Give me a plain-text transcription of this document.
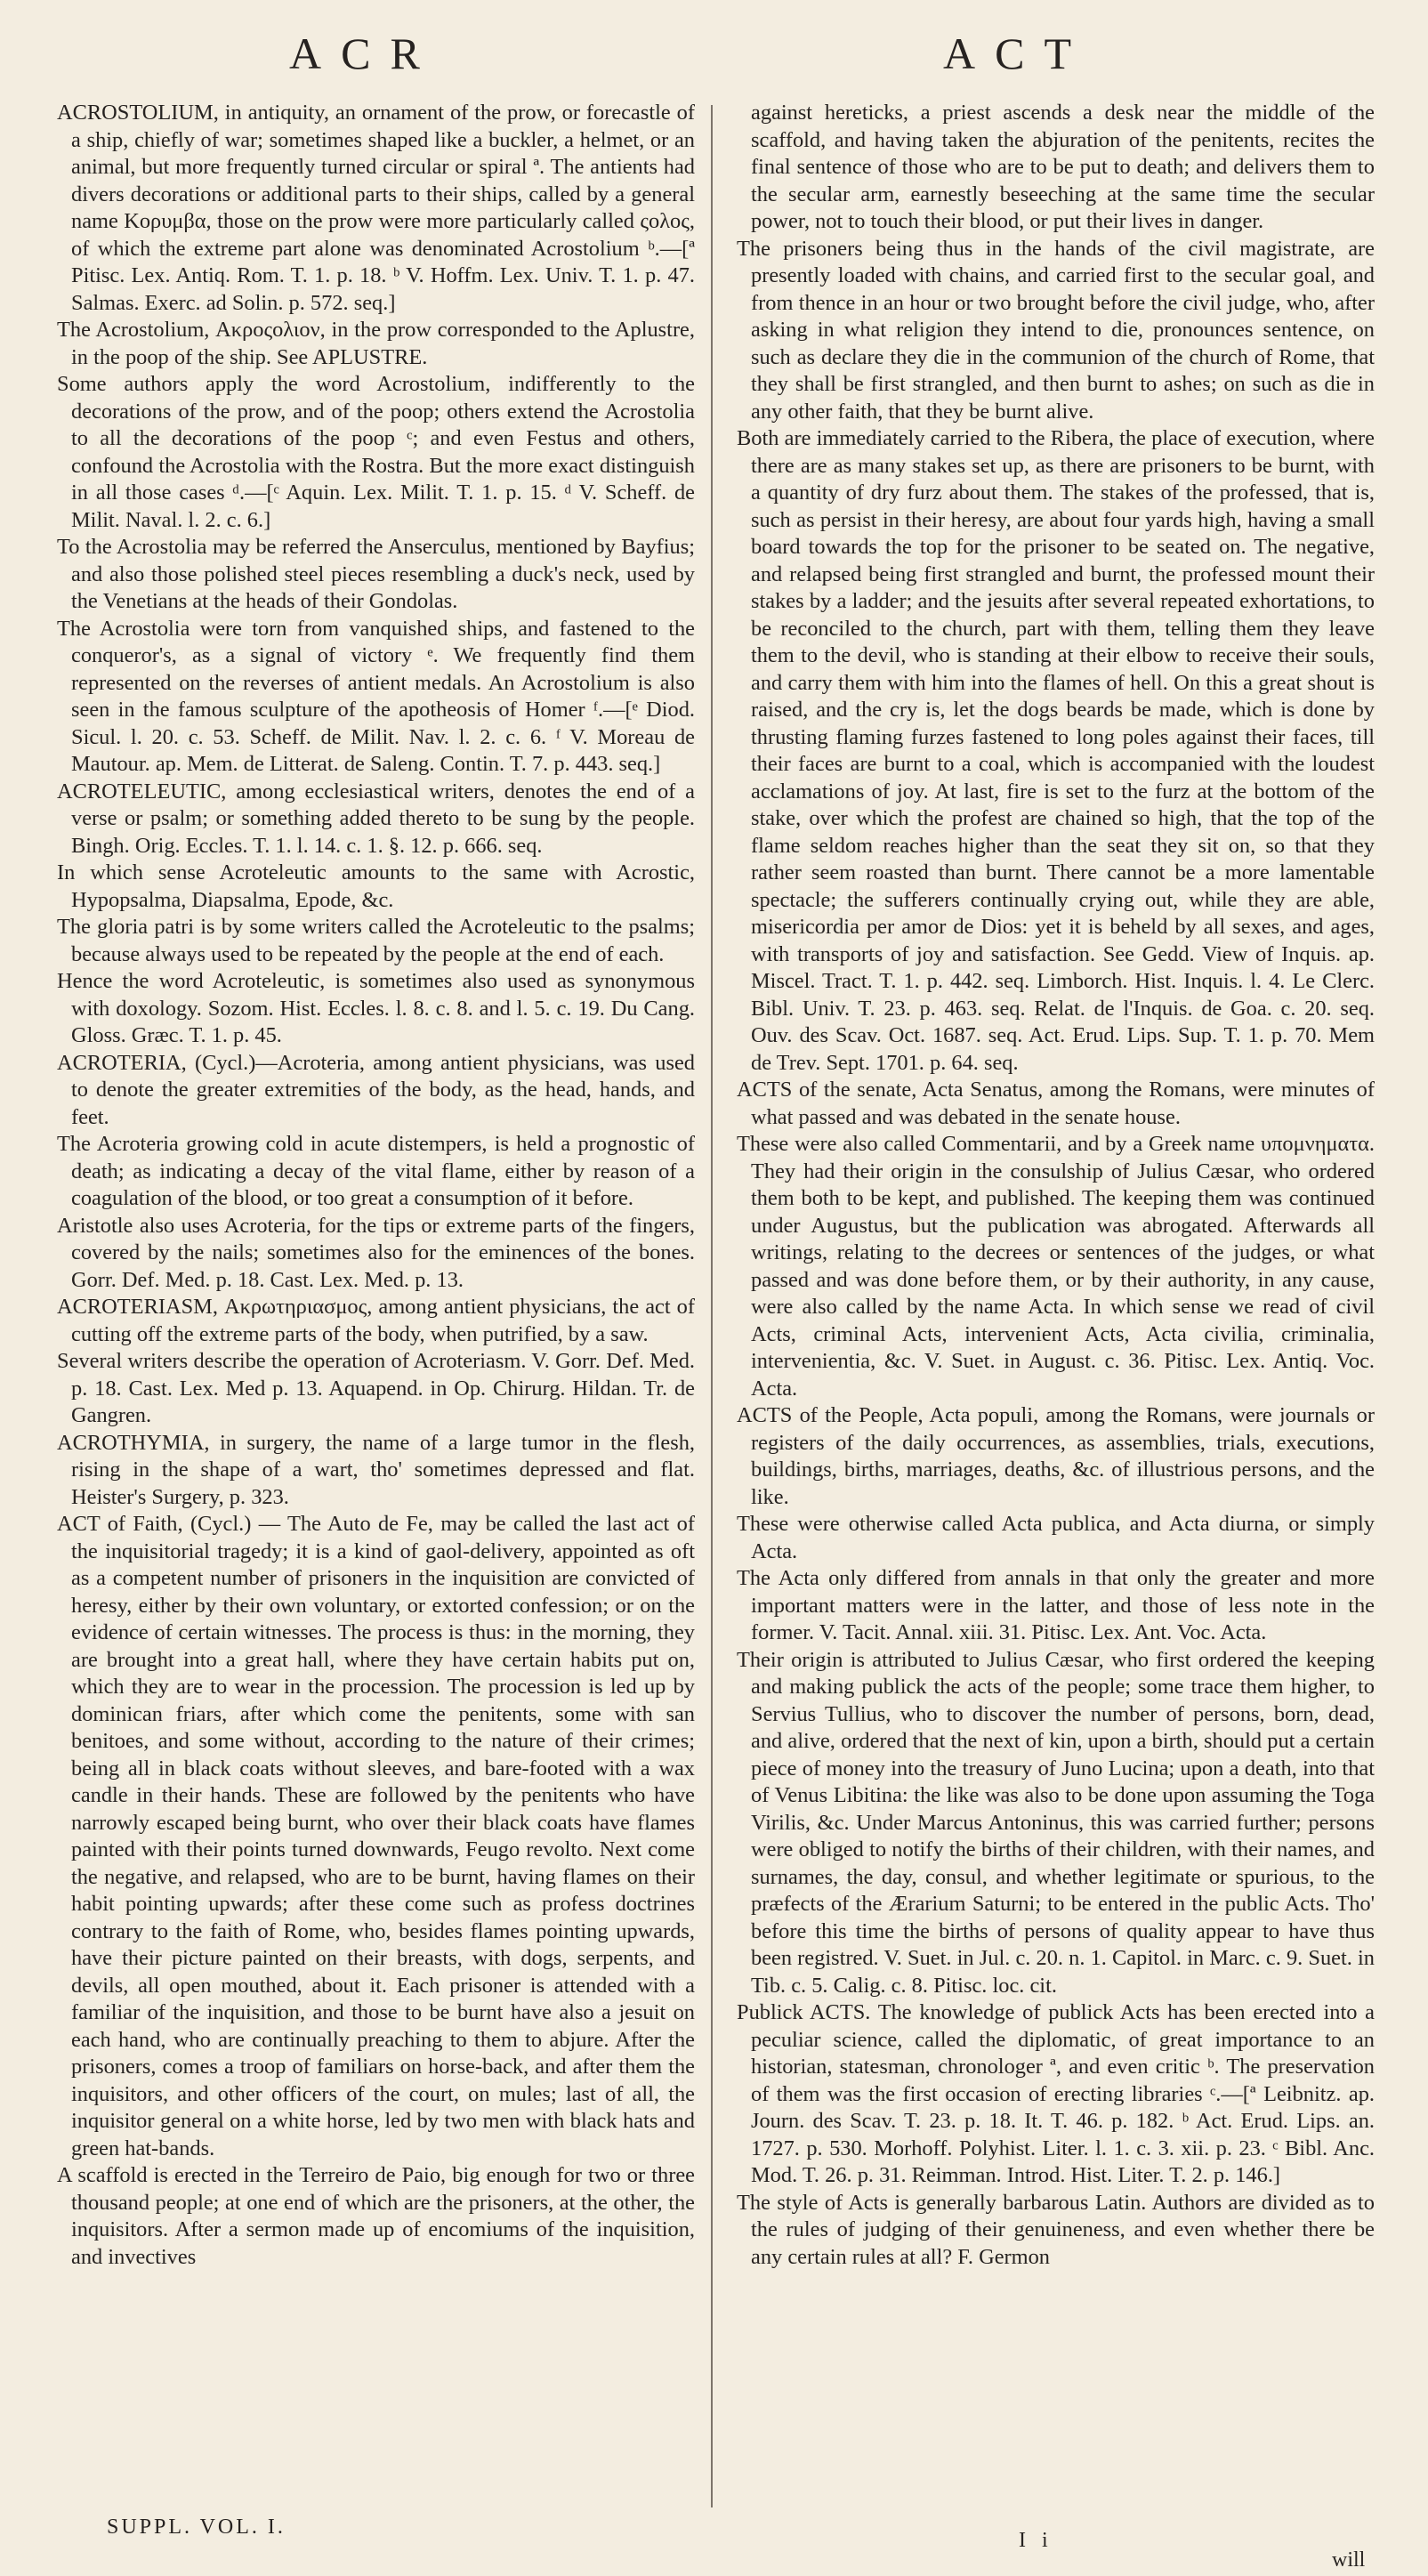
ACR	ACT

ACROSTOLIUM, in antiquity, an ornament of the prow, or forecastle of a ship, chiefly of war; sometimes shaped like a buckler, a helmet, or an animal, but more frequently turned circular or spiral ª. The antients had divers decorations or additional parts to their ships, called by a general name Κορυμβα, those on the prow were more particularly called ςολος, of which the extreme part alone was denominated Acrostolium ᵇ.—[ª Pitisc. Lex. Antiq. Rom. T. 1. p. 18. ᵇ V. Hoffm. Lex. Univ. T. 1. p. 47. Salmas. Exerc. ad Solin. p. 572. seq.]

The Acrostolium, Ακροςολιον, in the prow corresponded to the Aplustre, in the poop of the ship. See APLUSTRE.

Some authors apply the word Acrostolium, indifferently to the decorations of the prow, and of the poop; others extend the Acrostolia to all the decorations of the poop ᶜ; and even Festus and others, confound the Acrostolia with the Rostra. But the more exact distinguish in all those cases ᵈ.—[ᶜ Aquin. Lex. Milit. T. 1. p. 15. ᵈ V. Scheff. de Milit. Naval. l. 2. c. 6.]

To the Acrostolia may be referred the Anserculus, mentioned by Bayfius; and also those polished steel pieces resembling a duck's neck, used by the Venetians at the heads of their Gondolas.

The Acrostolia were torn from vanquished ships, and fastened to the conqueror's, as a signal of victory ᵉ. We frequently find them represented on the reverses of antient medals. An Acrostolium is also seen in the famous sculpture of the apotheosis of Homer ᶠ.—[ᵉ Diod. Sicul. l. 20. c. 53. Scheff. de Milit. Nav. l. 2. c. 6. ᶠ V. Moreau de Mautour. ap. Mem. de Litterat. de Saleng. Contin. T. 7. p. 443. seq.]

ACROTELEUTIC, among ecclesiastical writers, denotes the end of a verse or psalm; or something added thereto to be sung by the people. Bingh. Orig. Eccles. T. 1. l. 14. c. 1. §. 12. p. 666. seq.

In which sense Acroteleutic amounts to the same with Acrostic, Hypopsalma, Diapsalma, Epode, &c.

The gloria patri is by some writers called the Acroteleutic to the psalms; because always used to be repeated by the people at the end of each.

Hence the word Acroteleutic, is sometimes also used as synonymous with doxology. Sozom. Hist. Eccles. l. 8. c. 8. and l. 5. c. 19. Du Cang. Gloss. Græc. T. 1. p. 45.

ACROTERIA, (Cycl.)—Acroteria, among antient physicians, was used to denote the greater extremities of the body, as the head, hands, and feet.

The Acroteria growing cold in acute distempers, is held a prognostic of death; as indicating a decay of the vital flame, either by reason of a coagulation of the blood, or too great a consumption of it before.

Aristotle also uses Acroteria, for the tips or extreme parts of the fingers, covered by the nails; sometimes also for the eminences of the bones. Gorr. Def. Med. p. 18. Cast. Lex. Med. p. 13.

ACROTERIASM, Ακρωτηριασμος, among antient physicians, the act of cutting off the extreme parts of the body, when putrified, by a saw.

Several writers describe the operation of Acroteriasm. V. Gorr. Def. Med. p. 18. Cast. Lex. Med p. 13. Aquapend. in Op. Chirurg. Hildan. Tr. de Gangren.

ACROTHYMIA, in surgery, the name of a large tumor in the flesh, rising in the shape of a wart, tho' sometimes depressed and flat. Heister's Surgery, p. 323.

ACT of Faith, (Cycl.) — The Auto de Fe, may be called the last act of the inquisitorial tragedy; it is a kind of gaol-delivery, appointed as oft as a competent number of prisoners in the inquisition are convicted of heresy, either by their own voluntary, or extorted confession; or on the evidence of certain witnesses. The process is thus: in the morning, they are brought into a great hall, where they have certain habits put on, which they are to wear in the procession. The procession is led up by dominican friars, after which come the penitents, some with san benitoes, and some without, according to the nature of their crimes; being all in black coats without sleeves, and bare-footed with a wax candle in their hands. These are followed by the penitents who have narrowly escaped being burnt, who over their black coats have flames painted with their points turned downwards, Feugo revolto. Next come the negative, and relapsed, who are to be burnt, having flames on their habit pointing upwards; after these come such as profess doctrines contrary to the faith of Rome, who, besides flames pointing upwards, have their picture painted on their breasts, with dogs, serpents, and devils, all open mouthed, about it. Each prisoner is attended with a familiar of the inquisition, and those to be burnt have also a jesuit on each hand, who are continually preaching to them to abjure. After the prisoners, comes a troop of familiars on horse-back, and after them the inquisitors, and other officers of the court, on mules; last of all, the inquisitor general on a white horse, led by two men with black hats and green hat-bands.

A scaffold is erected in the Terreiro de Paio, big enough for two or three thousand people; at one end of which are the prisoners, at the other, the inquisitors. After a sermon made up of encomiums of the inquisition, and invectives

against hereticks, a priest ascends a desk near the middle of the scaffold, and having taken the abjuration of the penitents, recites the final sentence of those who are to be put to death; and delivers them to the secular arm, earnestly beseeching at the same time the secular power, not to touch their blood, or put their lives in danger.

The prisoners being thus in the hands of the civil magistrate, are presently loaded with chains, and carried first to the secular goal, and from thence in an hour or two brought before the civil judge, who, after asking in what religion they intend to die, pronounces sentence, on such as declare they die in the communion of the church of Rome, that they shall be first strangled, and then burnt to ashes; on such as die in any other faith, that they be burnt alive.

Both are immediately carried to the Ribera, the place of execution, where there are as many stakes set up, as there are prisoners to be burnt, with a quantity of dry furz about them. The stakes of the professed, that is, such as persist in their heresy, are about four yards high, having a small board towards the top for the prisoner to be seated on. The negative, and relapsed being first strangled and burnt, the professed mount their stakes by a ladder; and the jesuits after several repeated exhortations, to be reconciled to the church, part with them, telling them they leave them to the devil, who is standing at their elbow to receive their souls, and carry them with him into the flames of hell. On this a great shout is raised, and the cry is, let the dogs beards be made, which is done by thrusting flaming furzes fastened to long poles against their faces, till their faces are burnt to a coal, which is accompanied with the loudest acclamations of joy. At last, fire is set to the furz at the bottom of the stake, over which the profest are chained so high, that the top of the flame seldom reaches higher than the seat they sit on, so that they rather seem roasted than burnt. There cannot be a more lamentable spectacle; the sufferers continually crying out, while they are able, misericordia per amor de Dios: yet it is beheld by all sexes, and ages, with transports of joy and satisfaction. See Gedd. View of Inquis. ap. Miscel. Tract. T. 1. p. 442. seq. Limborch. Hist. Inquis. l. 4. Le Clerc. Bibl. Univ. T. 23. p. 463. seq. Relat. de l'Inquis. de Goa. c. 20. seq. Ouv. des Scav. Oct. 1687. seq. Act. Erud. Lips. Sup. T. 1. p. 70. Mem de Trev. Sept. 1701. p. 64. seq.

ACTS of the senate, Acta Senatus, among the Romans, were minutes of what passed and was debated in the senate house.

These were also called Commentarii, and by a Greek name υπομνηματα. They had their origin in the consulship of Julius Cæsar, who ordered them both to be kept, and published. The keeping them was continued under Augustus, but the publication was abrogated. Afterwards all writings, relating to the decrees or sentences of the judges, or what passed and was done before them, or by their authority, in any cause, were also called by the name Acta. In which sense we read of civil Acts, criminal Acts, intervenient Acts, Acta civilia, criminalia, intervenientia, &c. V. Suet. in August. c. 36. Pitisc. Lex. Antiq. Voc. Acta.

ACTS of the People, Acta populi, among the Romans, were journals or registers of the daily occurrences, as assemblies, trials, executions, buildings, births, marriages, deaths, &c. of illustrious persons, and the like.

These were otherwise called Acta publica, and Acta diurna, or simply Acta.

The Acta only differed from annals in that only the greater and more important matters were in the latter, and those of less note in the former. V. Tacit. Annal. xiii. 31. Pitisc. Lex. Ant. Voc. Acta.

Their origin is attributed to Julius Cæsar, who first ordered the keeping and making publick the acts of the people; some trace them higher, to Servius Tullius, who to discover the number of persons, born, dead, and alive, ordered that the next of kin, upon a birth, should put a certain piece of money into the treasury of Juno Lucina; upon a death, into that of Venus Libitina: the like was also to be done upon assuming the Toga Virilis, &c. Under Marcus Antoninus, this was carried further; persons were obliged to notify the births of their children, with their names, and surnames, the day, consul, and whether legitimate or spurious, to the præfects of the Ærarium Saturni; to be entered in the public Acts. Tho' before this time the births of persons of quality appear to have thus been registred. V. Suet. in Jul. c. 20. n. 1. Capitol. in Marc. c. 9. Suet. in Tib. c. 5. Calig. c. 8. Pitisc. loc. cit.

Publick ACTS. The knowledge of publick Acts has been erected into a peculiar science, called the diplomatic, of great importance to an historian, statesman, chronologer ª, and even critic ᵇ. The preservation of them was the first occasion of erecting libraries ᶜ.—[ª Leibnitz. ap. Journ. des Scav. T. 23. p. 18. It. T. 46. p. 182. ᵇ Act. Erud. Lips. an. 1727. p. 530. Morhoff. Polyhist. Liter. l. 1. c. 3. xii. p. 23. ᶜ Bibl. Anc. Mod. T. 26. p. 31. Reimman. Introd. Hist. Liter. T. 2. p. 146.]

The style of Acts is generally barbarous Latin. Authors are divided as to the rules of judging of their genuineness, and even whether there be any certain rules at all? F. Germon

SUPPL. VOL. I.
I i
will
